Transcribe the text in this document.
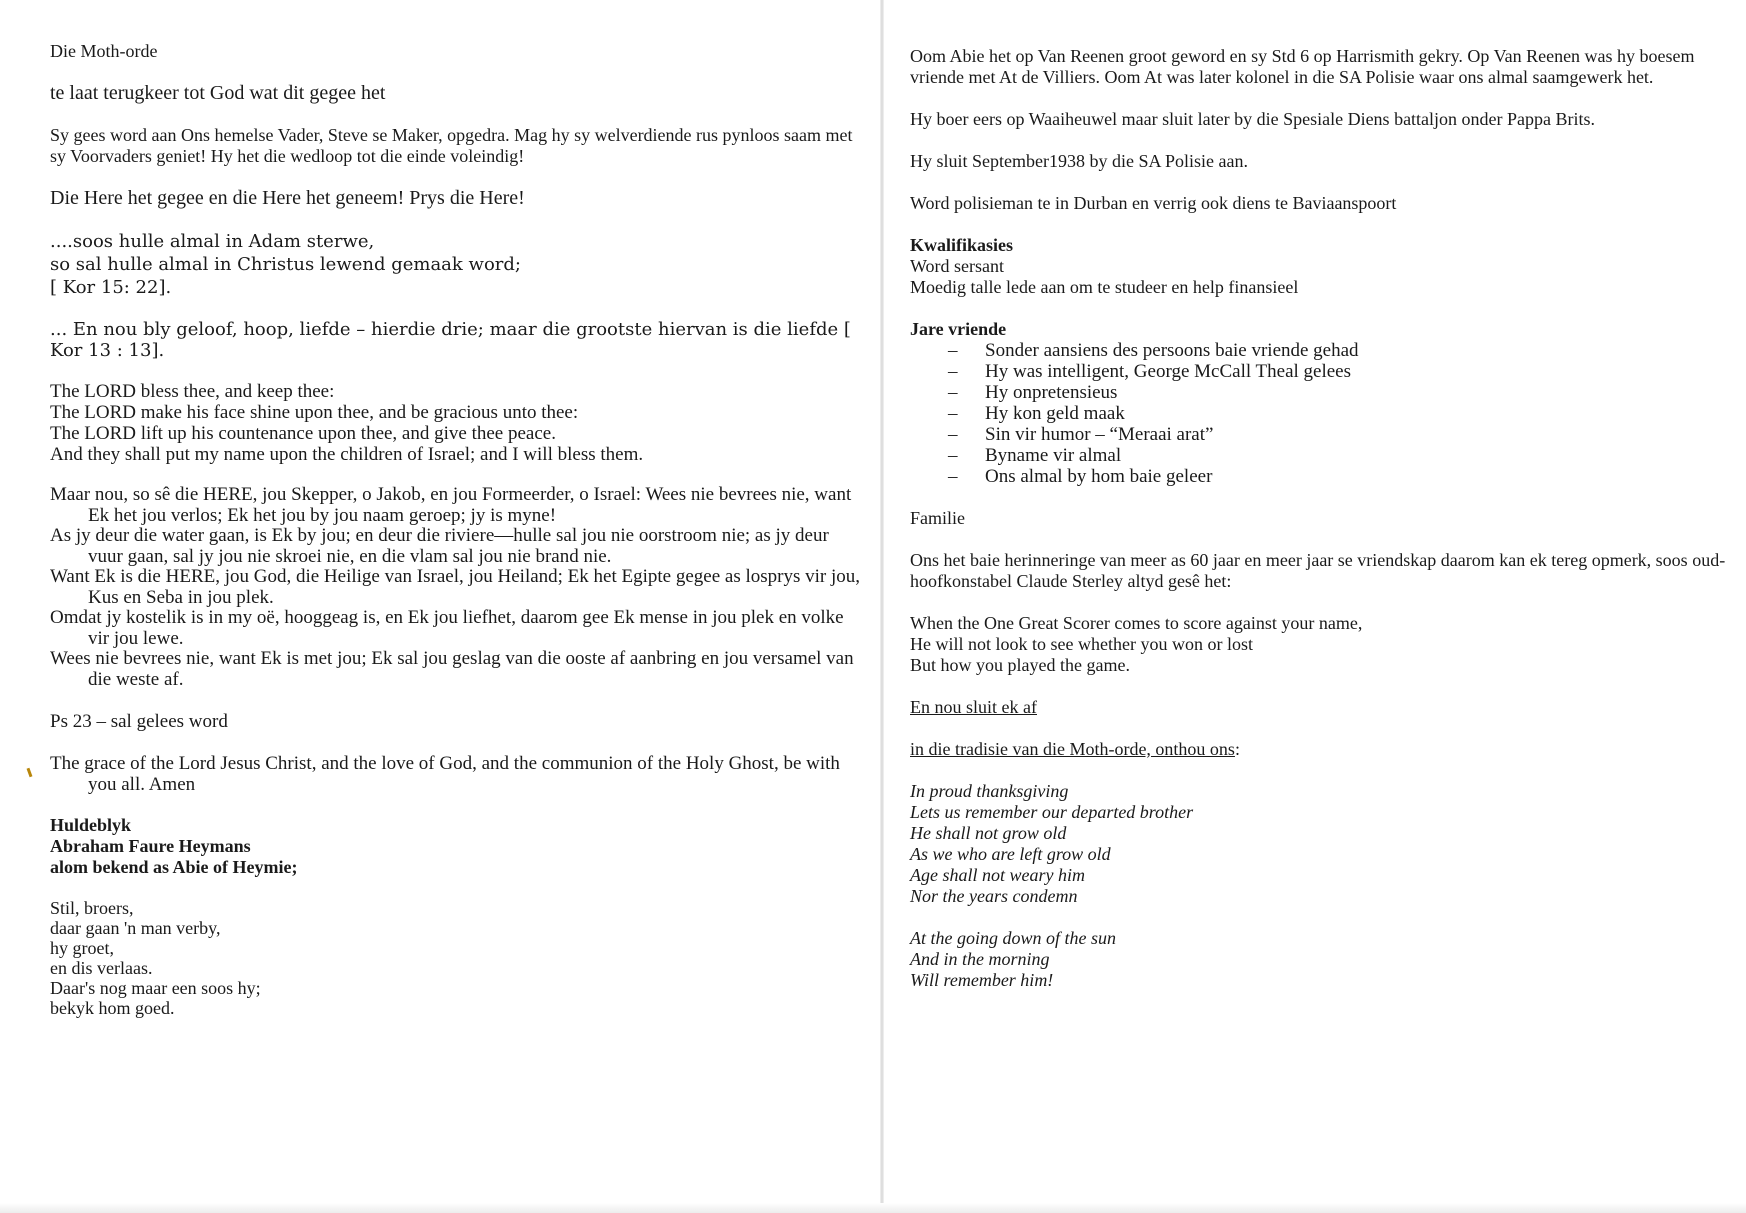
Die Moth-orde

te laat terugkeer tot God wat dit gegee het

Sy gees word aan Ons hemelse Vader, Steve se Maker, opgedra. Mag hy sy welverdiende rus pynloos saam met sy Voorvaders geniet! Hy het die wedloop tot die einde voleindig!

Die Here het gegee en die Here het geneem! Prys die Here!

....soos hulle almal in Adam sterwe,

so sal hulle almal in Christus lewend gemaak word;

[ Kor 15: 22].

... En nou bly geloof, hoop, liefde – hierdie drie; maar die grootste hiervan is die liefde [ Kor 13 : 13].

The LORD bless thee, and keep thee:

The LORD make his face shine upon thee, and be gracious unto thee:

The LORD lift up his countenance upon thee, and give thee peace.

And they shall put my name upon the children of Israel; and I will bless them.

Maar nou, so sê die HERE, jou Skepper, o Jakob, en jou Formeerder, o Israel: Wees nie bevrees nie, want Ek het jou verlos; Ek het jou by jou naam geroep; jy is myne!

As jy deur die water gaan, is Ek by jou; en deur die riviere—hulle sal jou nie oorstroom nie; as jy deur vuur gaan, sal jy jou nie skroei nie, en die vlam sal jou nie brand nie.

Want Ek is die HERE, jou God, die Heilige van Israel, jou Heiland; Ek het Egipte gegee as losprys vir jou, Kus en Seba in jou plek.

Omdat jy kostelik is in my oë, hooggeag is, en Ek jou liefhet, daarom gee Ek mense in jou plek en volke vir jou lewe.

Wees nie bevrees nie, want Ek is met jou; Ek sal jou geslag van die ooste af aanbring en jou versamel van die weste af.

Ps 23 – sal gelees word

The grace of the Lord Jesus Christ, and the love of God, and the communion of the Holy Ghost, be with you all. Amen

Huldeblyk

Abraham Faure Heymans

alom bekend as Abie of Heymie;

Stil, broers,

daar gaan 'n man verby,

hy groet,

en dis verlaas.

Daar's nog maar een soos hy;

bekyk hom goed.

Oom Abie het op Van Reenen groot geword en sy Std 6 op Harrismith gekry. Op Van Reenen was hy boesem vriende met At de Villiers. Oom At was later kolonel in die SA Polisie waar ons almal saamgewerk het.

Hy boer eers op Waaiheuwel maar sluit later by die Spesiale Diens battaljon onder Pappa Brits.

Hy sluit September1938 by die SA Polisie aan.

Word polisieman te in Durban en verrig ook diens te Baviaanspoort

Kwalifikasies

Word sersant

Moedig talle lede aan om te studeer en help finansieel

Jare vriende

– Sonder aansiens des persoons baie vriende gehad
– Hy was intelligent, George McCall Theal gelees
– Hy onpretensieus
– Hy kon geld maak
– Sin vir humor – “Meraai arat”
– Byname vir almal
– Ons almal by hom baie geleer

Familie

Ons het baie herinneringe van meer as 60 jaar en meer jaar se vriendskap daarom kan ek tereg opmerk, soos oud-hoofkonstabel Claude Sterley altyd gesê het:

When the One Great Scorer comes to score against your name,

He will not look to see whether you won or lost

But how you played the game.

En nou sluit ek af

in die tradisie van die Moth-orde, onthou ons:

In proud thanksgiving

Lets us remember our departed brother

He shall not grow old

As we who are left grow old

Age shall not weary him

Nor the years condemn

At the going down of the sun

And in the morning

Will remember him!
